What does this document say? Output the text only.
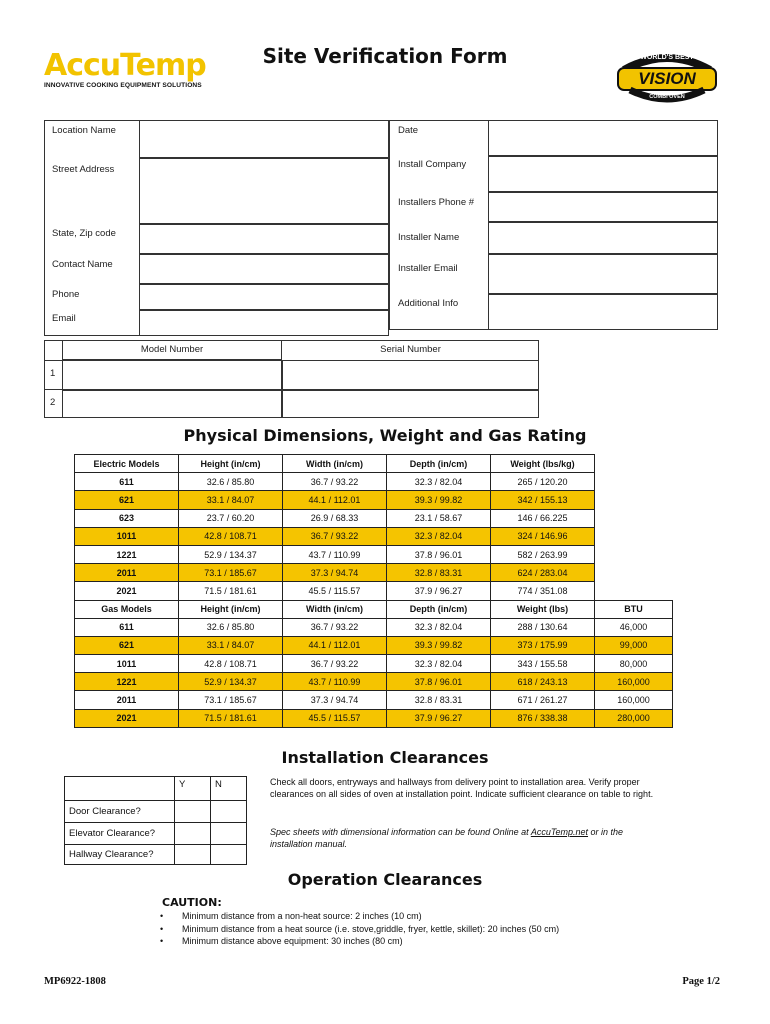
AccuTemp
INNOVATIVE COOKING EQUIPMENT SOLUTIONS
Site Verification Form	WORLD'S BEST
VISION
COMBI OVEN
Location Name
Street Address
State, Zip code
Contact Name
Phone
Email
Date
Install Company
Installers Phone #
Installer Name
Installer Email
Additional Info
Model Number	Serial Number
1
2
Physical Dimensions, Weight and Gas Rating
Electric Models	Height (in/cm)	Width (in/cm)	Depth (in/cm)	Weight (lbs/kg)	
611	32.6 / 85.80	36.7 / 93.22	32.3 / 82.04	265 / 120.20	
621	33.1 / 84.07	44.1 / 112.01	39.3 / 99.82	342 / 155.13	
623	23.7 / 60.20	26.9 / 68.33	23.1 / 58.67	146 / 66.225	
1011	42.8 / 108.71	36.7 / 93.22	32.3 / 82.04	324 / 146.96	
1221	52.9 / 134.37	43.7 / 110.99	37.8 / 96.01	582 / 263.99	
2011	73.1 / 185.67	37.3 / 94.74	32.8 / 83.31	624 / 283.04	
2021	71.5 / 181.61	45.5 / 115.57	37.9 / 96.27	774 / 351.08	
Gas Models	Height (in/cm)	Width (in/cm)	Depth (in/cm)	Weight (lbs)	BTU
611	32.6 / 85.80	36.7 / 93.22	32.3 / 82.04	288 / 130.64	46,000
621	33.1 / 84.07	44.1 / 112.01	39.3 / 99.82	373 / 175.99	99,000
1011	42.8 / 108.71	36.7 / 93.22	32.3 / 82.04	343 / 155.58	80,000
1221	52.9 / 134.37	43.7 / 110.99	37.8 / 96.01	618 / 243.13	160,000
2011	73.1 / 185.67	37.3 / 94.74	32.8 / 83.31	671 / 261.27	160,000
2021	71.5 / 181.61	45.5 / 115.57	37.9 / 96.27	876 / 338.38	280,000
Installation Clearances
	Y	N
Door Clearance?		
Elevator Clearance?		
Hallway Clearance?		
Check all doors, entryways and hallways from delivery point to installation area. Verify proper clearances on all sides of oven at installation point. Indicate sufficient clearance on table to right.
Spec sheets with dimensional information can be found Online at AccuTemp.net or in the installation manual.
Operation Clearances
CAUTION:
• Minimum distance from a non-heat source: 2 inches (10 cm)
• Minimum distance from a heat source (i.e. stove,griddle, fryer, kettle, skillet): 20 inches (50 cm)
• Minimum distance above equipment: 30 inches (80 cm)
MP6922-1808	Page 1/2
